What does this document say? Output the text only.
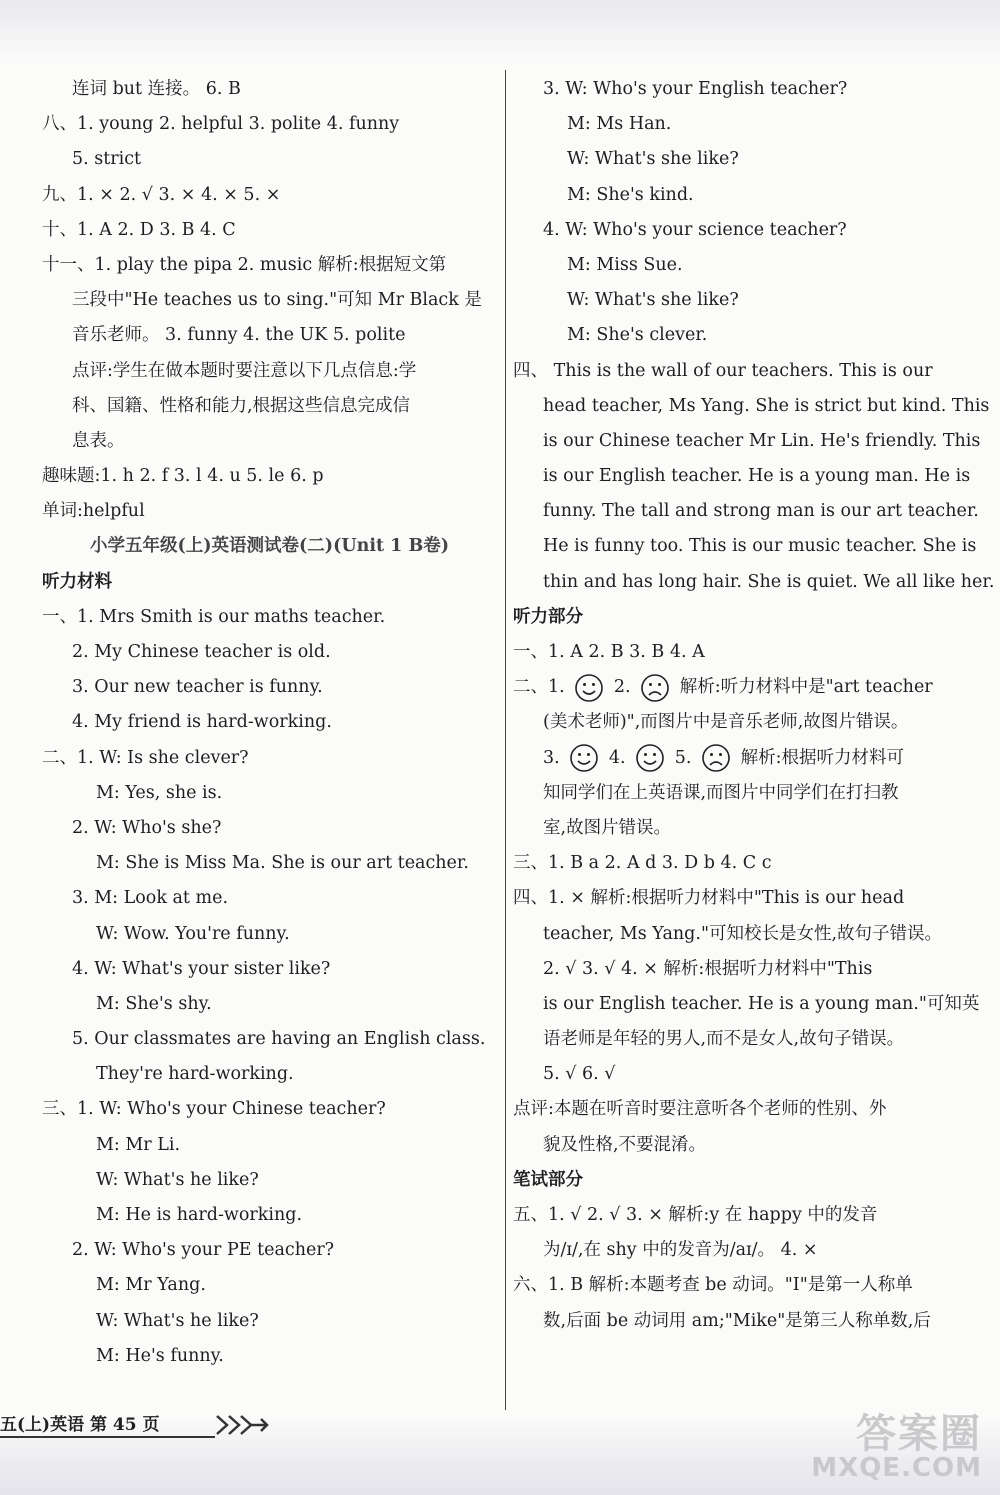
连词 but 连接。 6. B
八、1. young 2. helpful 3. polite 4. funny
5. strict
九、1. × 2. √ 3. × 4. × 5. ×
十、1. A 2. D 3. B 4. C
十一、1. play the pipa 2. music 解析:根据短文第
三段中"He teaches us to sing."可知 Mr Black 是
音乐老师。 3. funny 4. the UK 5. polite
点评:学生在做本题时要注意以下几点信息:学
科、国籍、性格和能力,根据这些信息完成信
息表。
趣味题:1. h 2. f 3. l 4. u 5. le 6. p
单词:helpful
小学五年级(上)英语测试卷(二)(Unit 1 B卷)
听力材料
一、1. Mrs Smith is our maths teacher.
2. My Chinese teacher is old.
3. Our new teacher is funny.
4. My friend is hard-working.
二、1. W: Is she clever?
M: Yes, she is.
2. W: Who's she?
M: She is Miss Ma. She is our art teacher.
3. M: Look at me.
W: Wow. You're funny.
4. W: What's your sister like?
M: She's shy.
5. Our classmates are having an English class.
They're hard-working.
三、1. W: Who's your Chinese teacher?
M: Mr Li.
W: What's he like?
M: He is hard-working.
2. W: Who's your PE teacher?
M: Mr Yang.
W: What's he like?
M: He's funny.
3. W: Who's your English teacher?
M: Ms Han.
W: What's she like?
M: She's kind.
4. W: Who's your science teacher?
M: Miss Sue.
W: What's she like?
M: She's clever.
四、 This is the wall of our teachers. This is our
head teacher, Ms Yang. She is strict but kind. This
is our Chinese teacher Mr Lin. He's friendly. This
is our English teacher. He is a young man. He is
funny. The tall and strong man is our art teacher.
He is funny too. This is our music teacher. She is
thin and has long hair. She is quiet. We all like her.
听力部分
一、1. A 2. B 3. B 4. A
二、1.	2.	解析:听力材料中是"art teacher
(美术老师)",而图片中是音乐老师,故图片错误。
3.	4.	5.	解析:根据听力材料可
知同学们在上英语课,而图片中同学们在打扫教
室,故图片错误。
三、1. B a 2. A d 3. D b 4. C c
四、1. × 解析:根据听力材料中"This is our head
teacher, Ms Yang."可知校长是女性,故句子错误。
2. √ 3. √ 4. × 解析:根据听力材料中"This
is our English teacher. He is a young man."可知英
语老师是年轻的男人,而不是女人,故句子错误。
5. √ 6. √
点评:本题在听音时要注意听各个老师的性别、外
貌及性格,不要混淆。
笔试部分
五、1. √ 2. √ 3. × 解析:y 在 happy 中的发音
为/ɪ/,在 shy 中的发音为/aɪ/。 4. ×
六、1. B 解析:本题考查 be 动词。"I"是第一人称单
数,后面 be 动词用 am;"Mike"是第三人称单数,后
五(上)英语 第 45 页	答案圈
MXQE.COM
